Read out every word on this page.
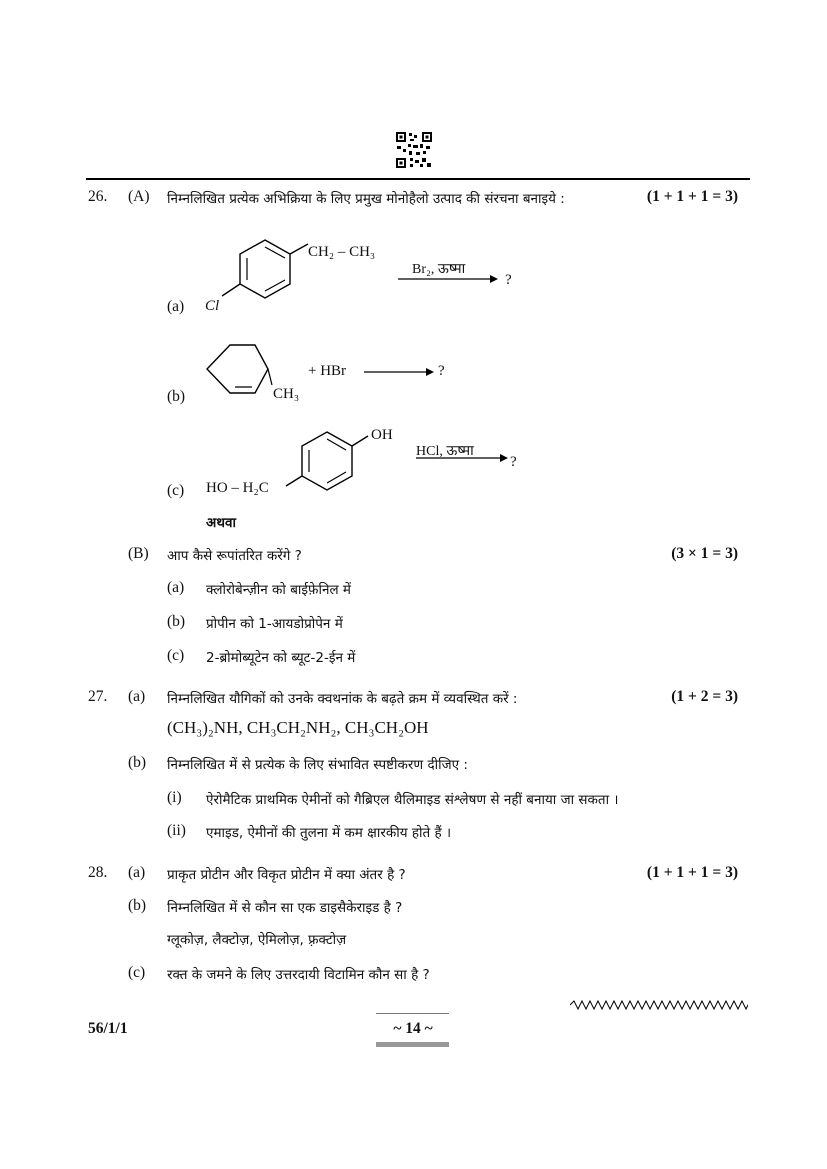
26. (A) निम्नलिखित प्रत्येक अभिक्रिया के लिए प्रमुख मोनोहैलो उत्पाद की संरचना बनाइये :	(1 + 1 + 1 = 3)
(a)
CH₂ – CH₃
Cl
Br₂, ऊष्मा
?
(b)	CH₃
+ HBr	?
(c)
OH
HO – H₂C
HCl, ऊष्मा
?
अथवा
(B) आप कैसे रूपांतरित करेंगे ?	(3 × 1 = 3)
(a) क्लोरोबेन्ज़ीन को बाईफ़ेनिल में
(b) प्रोपीन को 1-आयडोप्रोपेन में
(c) 2-ब्रोमोब्यूटेन को ब्यूट-2-ईन में
27. (a) निम्नलिखित यौगिकों को उनके क्वथनांक के बढ़ते क्रम में व्यवस्थित करें :	(1 + 2 = 3)
(CH₃)₂NH, CH₃CH₂NH₂, CH₃CH₂OH
(b) निम्नलिखित में से प्रत्येक के लिए संभावित स्पष्टीकरण दीजिए :
(i) ऐरोमैटिक प्राथमिक ऐमीनों को गैब्रिएल थैलिमाइड संश्लेषण से नहीं बनाया जा सकता ।
(ii) एमाइड, ऐमीनों की तुलना में कम क्षारकीय होते हैं ।
28. (a) प्राकृत प्रोटीन और विकृत प्रोटीन में क्या अंतर है ?	(1 + 1 + 1 = 3)
(b) निम्नलिखित में से कौन सा एक डाइसैकेराइड है ?
ग्लूकोज़, लैक्टोज़, ऐमिलोज़, फ़्रक्टोज़
(c) रक्त के जमने के लिए उत्तरदायी विटामिन कौन सा है ?
56/1/1	~ 14 ~
